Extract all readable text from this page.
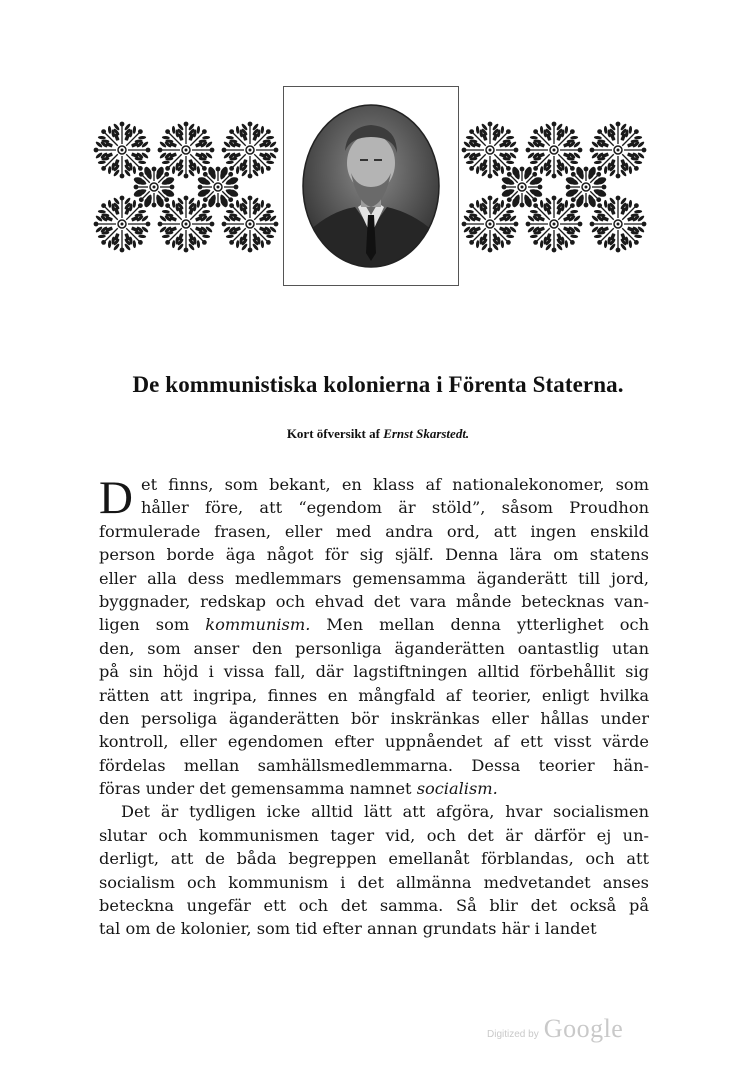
De kommunistiska kolonierna i Förenta Staterna.

Kort öfversikt af Ernst Skarstedt.

D et finns, som bekant, en klass af nationalekonomer, som
håller före, att “egendom är stöld”, såsom Proudhon
formulerade frasen, eller med andra ord, att ingen enskild
person borde äga något för sig själf. Denna lära om statens
eller alla dess medlemmars gemensamma äganderätt till jord,
byggnader, redskap och ehvad det vara månde betecknas van-
ligen som kommunism. Men mellan denna ytterlighet och
den, som anser den personliga äganderätten oantastlig utan
på sin höjd i vissa fall, där lagstiftningen alltid förbehållit sig
rätten att ingripa, finnes en mångfald af teorier, enligt hvilka
den persoliga äganderätten bör inskränkas eller hållas under
kontroll, eller egendomen efter uppnåendet af ett visst värde
fördelas mellan samhällsmedlemmarna. Dessa teorier hän-
föras under det gemensamma namnet socialism.
Det är tydligen icke alltid lätt att afgöra, hvar socialismen
slutar och kommunismen tager vid, och det är därför ej un-
derligt, att de båda begreppen emellanåt förblandas, och att
socialism och kommunism i det allmänna medvetandet anses
beteckna ungefär ett och det samma. Så blir det också på
tal om de kolonier, som tid efter annan grundats här i landet
Digitized by Google
